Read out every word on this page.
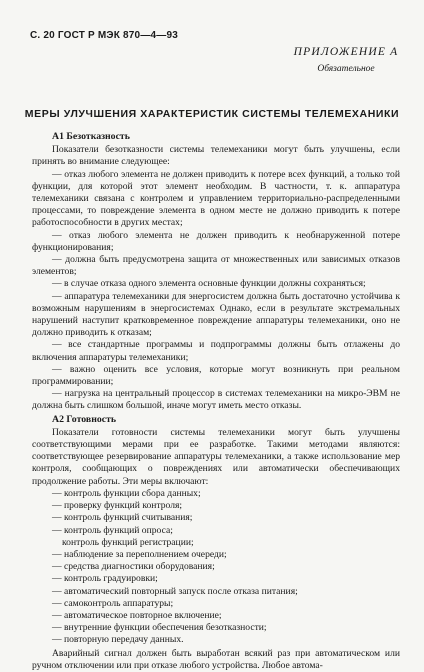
С. 20 ГОСТ Р МЭК 870—4—93
ПРИЛОЖЕНИЕ А
Обязательное
МЕРЫ УЛУЧШЕНИЯ ХАРАКТЕРИСТИК СИСТЕМЫ ТЕЛЕМЕХАНИКИ
А1 Безотказность

Показатели безотказности системы телемеханики могут быть улучшены, если принять во внимание следующее:

— отказ любого элемента не должен приводить к потере всех функций, а только той функции, для которой этот элемент необходим. В частности, т. к. аппаратура телемеханики связана с контролем и управлением территориально-распределенными процессами, то повреждение элемента в одном месте не должно приводить к потере работоспособности в других местах;

— отказ любого элемента не должен приводить к необнаруженной потере функционирования;

— должна быть предусмотрена защита от множественных или зависимых отказов элементов;

— в случае отказа одного элемента основные функции должны сохраняться;

— аппаратура телемеханики для энергосистем должна быть достаточно устойчива к возможным нарушениям в энергосистемах Однако, если в результате экстремальных нарушений наступит кратковременное повреждение аппаратуры телемеханики, оно не должно приводить к отказам;

— все стандартные программы и подпрограммы должны быть отлажены до включения аппаратуры телемеханики;

— важно оценить все условия, которые могут возникнуть при реальном программировании;

— нагрузка на центральный процессор в системах телемеханики на микро-ЭВМ не должна быть слишком большой, иначе могут иметь место отказы.

А2 Готовность

Показатели готовности системы телемеханики могут быть улучшены соответствующими мерами при ее разработке. Такими методами являются: соответствующее резервирование аппаратуры телемеханики, а также использование мер контроля, сообщающих о повреждениях или автоматически обеспечивающих продолжение работы. Эти меры включают:

— контроль функции сбора данных;
— проверку функций контроля;
— контроль функций считывания;
— контроль функций опроса;
контроль функций регистрации;
— наблюдение за переполнением очереди;
— средства диагностики оборудования;
— контроль градуировки;
— автоматический повторный запуск после отказа питания;
— самоконтроль аппаратуры;
— автоматическое повторное включение;
— внутренние функции обеспечения безотказности;
— повторную передачу данных.

Аварийный сигнал должен быть выработан всякий раз при автоматическом или ручном отключении или при отказе любого устройства. Любое автома-
